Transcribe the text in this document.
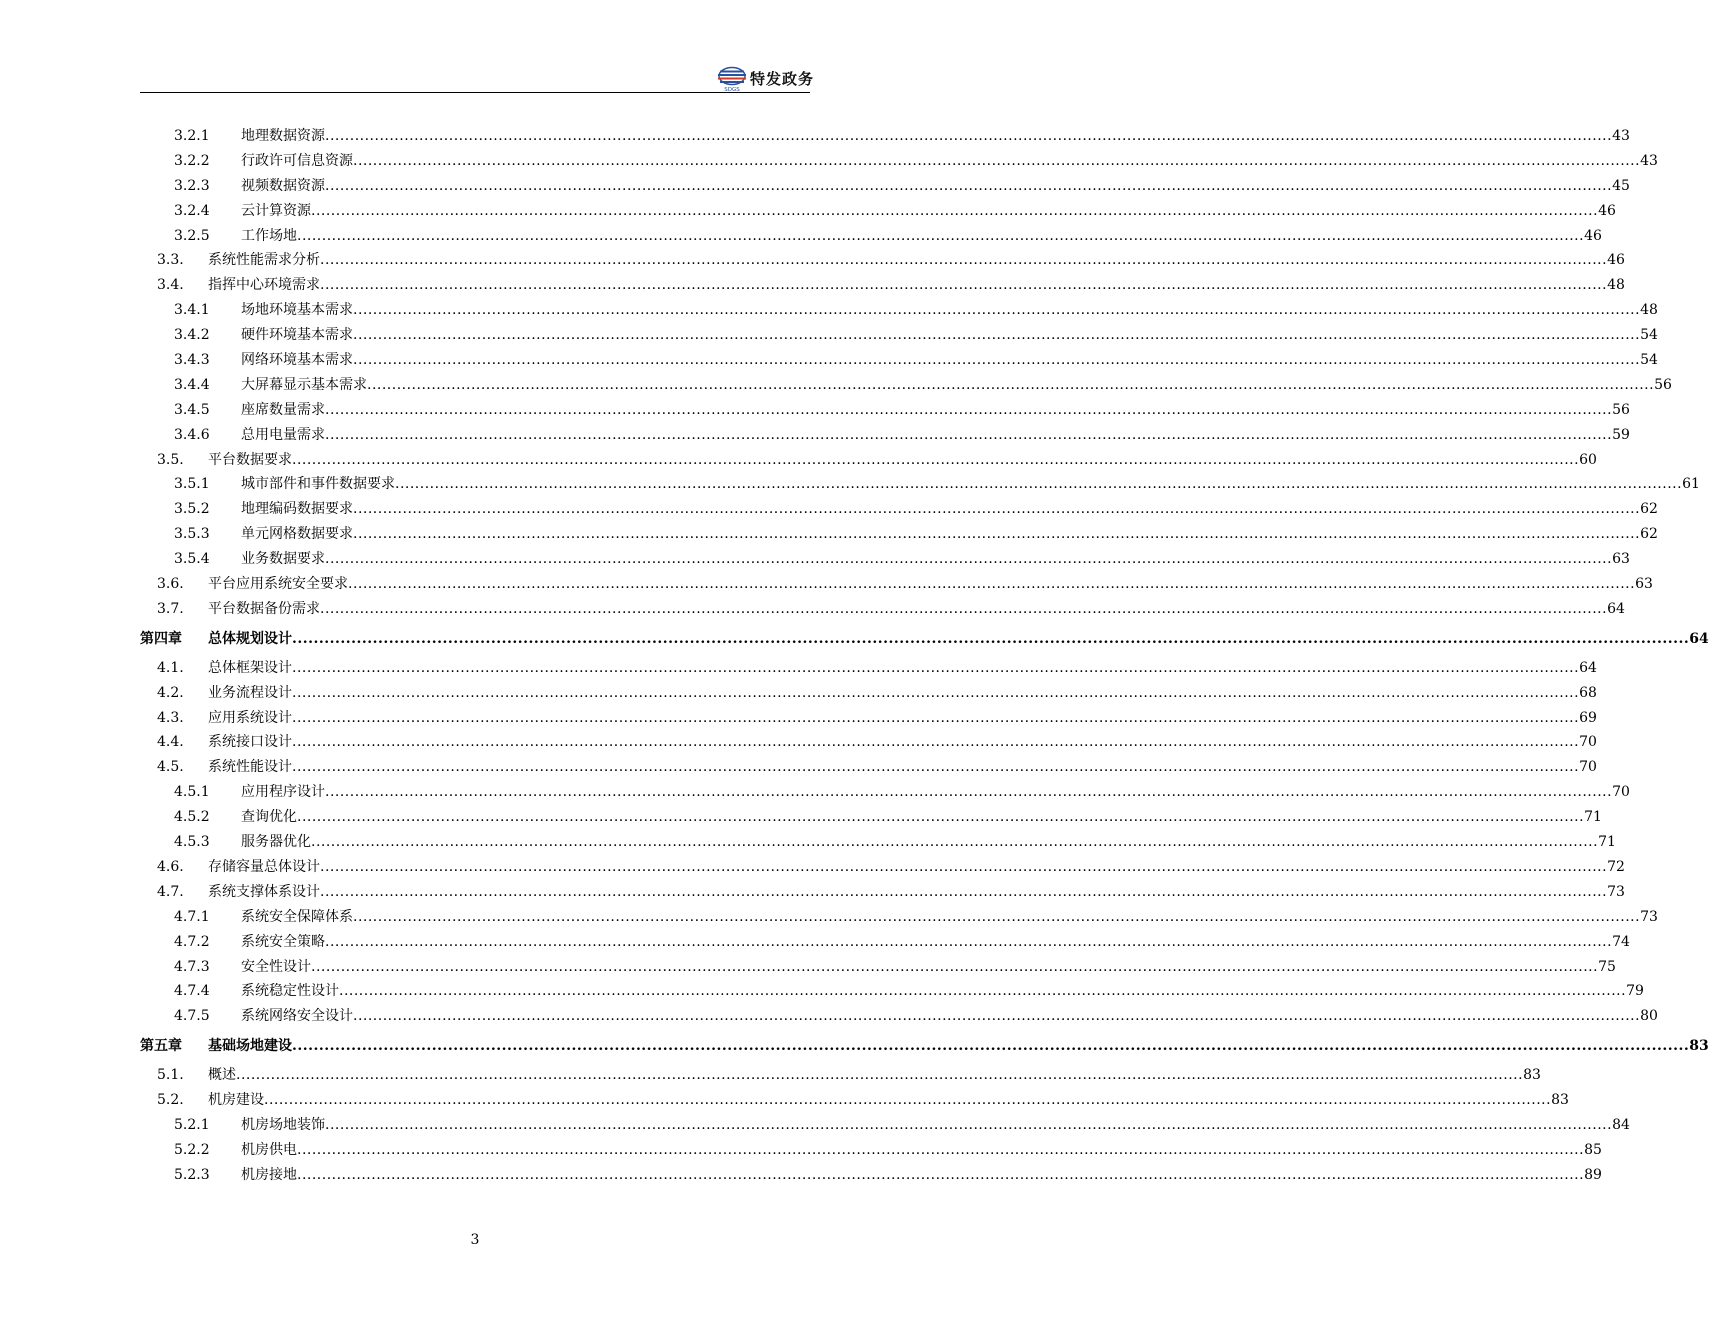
SDGS
特发政务
3.2.1 地理数据资源 .................................................................................................................................................................................................................................................................... 43
3.2.2 行政许可信息资源 .................................................................................................................................................................................................................................................................... 43
3.2.3 视频数据资源 .................................................................................................................................................................................................................................................................... 45
3.2.4 云计算资源 .................................................................................................................................................................................................................................................................... 46
3.2.5 工作场地 .................................................................................................................................................................................................................................................................... 46
3.3. 系统性能需求分析 .................................................................................................................................................................................................................................................................... 46
3.4. 指挥中心环境需求 .................................................................................................................................................................................................................................................................... 48
3.4.1 场地环境基本需求 .................................................................................................................................................................................................................................................................... 48
3.4.2 硬件环境基本需求 .................................................................................................................................................................................................................................................................... 54
3.4.3 网络环境基本需求 .................................................................................................................................................................................................................................................................... 54
3.4.4 大屏幕显示基本需求 .................................................................................................................................................................................................................................................................... 56
3.4.5 座席数量需求 .................................................................................................................................................................................................................................................................... 56
3.4.6 总用电量需求 .................................................................................................................................................................................................................................................................... 59
3.5. 平台数据要求 .................................................................................................................................................................................................................................................................... 60
3.5.1 城市部件和事件数据要求 .................................................................................................................................................................................................................................................................... 61
3.5.2 地理编码数据要求 .................................................................................................................................................................................................................................................................... 62
3.5.3 单元网格数据要求 .................................................................................................................................................................................................................................................................... 62
3.5.4 业务数据要求 .................................................................................................................................................................................................................................................................... 63
3.6. 平台应用系统安全要求 .................................................................................................................................................................................................................................................................... 63
3.7. 平台数据备份需求 .................................................................................................................................................................................................................................................................... 64
第四章 总体规划设计 .................................................................................................................................................................................................................................................................... 64
4.1. 总体框架设计 .................................................................................................................................................................................................................................................................... 64
4.2. 业务流程设计 .................................................................................................................................................................................................................................................................... 68
4.3. 应用系统设计 .................................................................................................................................................................................................................................................................... 69
4.4. 系统接口设计 .................................................................................................................................................................................................................................................................... 70
4.5. 系统性能设计 .................................................................................................................................................................................................................................................................... 70
4.5.1 应用程序设计 .................................................................................................................................................................................................................................................................... 70
4.5.2 查询优化 .................................................................................................................................................................................................................................................................... 71
4.5.3 服务器优化 .................................................................................................................................................................................................................................................................... 71
4.6. 存储容量总体设计 .................................................................................................................................................................................................................................................................... 72
4.7. 系统支撑体系设计 .................................................................................................................................................................................................................................................................... 73
4.7.1 系统安全保障体系 .................................................................................................................................................................................................................................................................... 73
4.7.2 系统安全策略 .................................................................................................................................................................................................................................................................... 74
4.7.3 安全性设计 .................................................................................................................................................................................................................................................................... 75
4.7.4 系统稳定性设计 .................................................................................................................................................................................................................................................................... 79
4.7.5 系统网络安全设计 .................................................................................................................................................................................................................................................................... 80
第五章 基础场地建设 .................................................................................................................................................................................................................................................................... 83
5.1. 概述 .................................................................................................................................................................................................................................................................... 83
5.2. 机房建设 .................................................................................................................................................................................................................................................................... 83
5.2.1 机房场地装饰 .................................................................................................................................................................................................................................................................... 84
5.2.2 机房供电 .................................................................................................................................................................................................................................................................... 85
5.2.3 机房接地 .................................................................................................................................................................................................................................................................... 89
3
